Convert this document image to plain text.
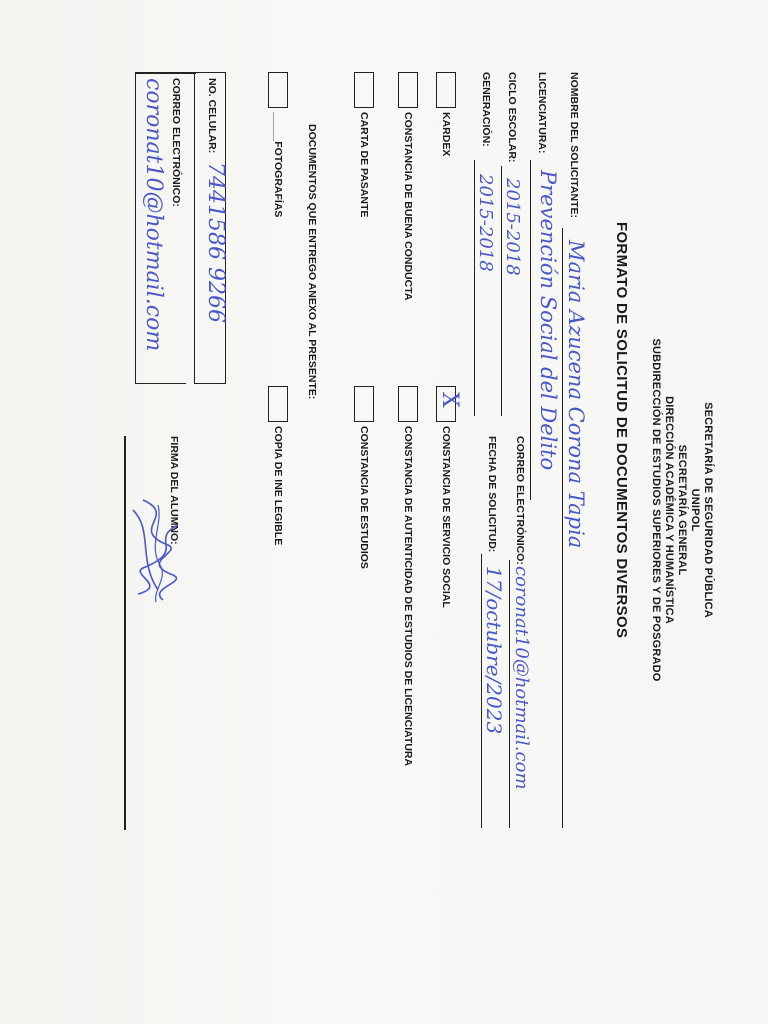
SECRETARÍA DE SEGURIDAD PÚBLICA
UNIPOL
SECRETARÍA GENERAL
DIRECCIÓN ACADÉMICA Y HUMANÍSTICA
SUBDIRECCIÓN DE ESTUDIOS SUPERIORES Y DE POSGRADO
FORMATO DE SOLICITUD DE DOCUMENTOS DIVERSOS
NOMBRE DEL SOLICITANTE:
Maria Azucena Corona Tapia
LICENCIATURA:
Prevención Social del Delito
CORREO ELECTRÓNICO:
coronat10@hotmail.com
CICLO ESCOLAR:
2015-2018
FECHA DE SOLICITUD:
17/octubre/2023
GENERACIÓN:
2015-2018
KARDEX
X
CONSTANCIA DE SERVICIO SOCIAL
CONSTANCIA DE BUENA CONDUCTA
CONSTANCIA DE AUTENTICIDAD DE ESTUDIOS DE LICENCIATURA
CARTA DE PASANTE
CONSTANCIA DE ESTUDIOS
DOCUMENTOS QUE ENTREGO ANEXO AL PRESENTE:
_____FOTOGRAFÍAS
COPIA DE INE LEGIBLE
NO. CELULAR:
7441586 9266
CORREO ELECTRÓNICO:
coronat10@hotmail.com
FIRMA DEL ALUMNO:
